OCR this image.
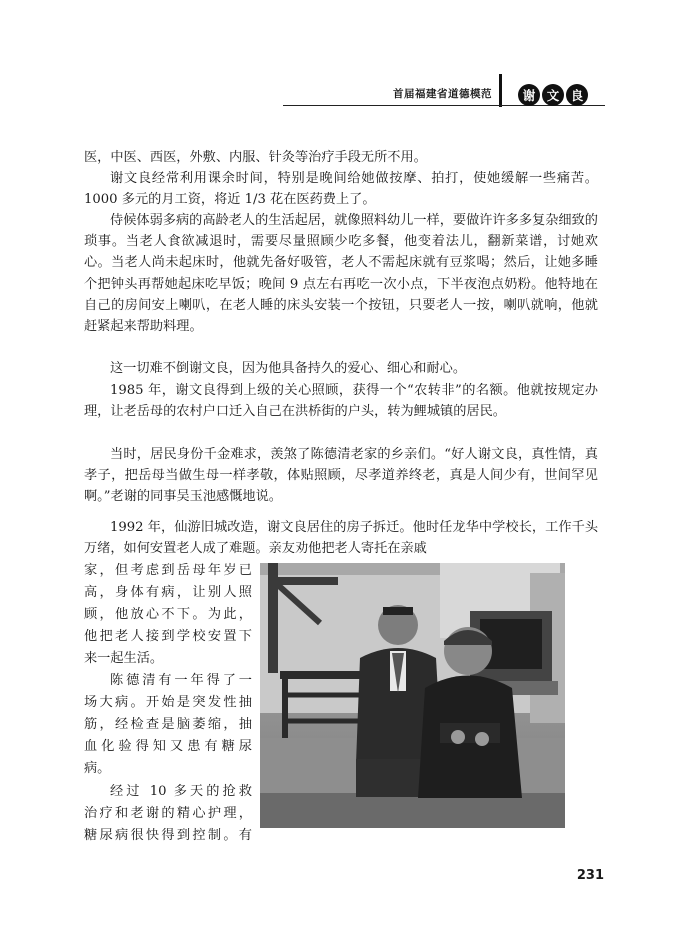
首届福建省道德模范	谢 文 良
医，中医、西医，外敷、内服、针灸等治疗手段无所不用。
谢文良经常利用课余时间，特别是晚间给她做按摩、拍打，使她缓解一些痛苦。1000 多元的月工资，将近 1/3 花在医药费上了。
侍候体弱多病的高龄老人的生活起居，就像照料幼儿一样，要做许许多多复杂细致的琐事。当老人食欲减退时，需要尽量照顾少吃多餐，他变着法儿，翻新菜谱，讨她欢心。当老人尚未起床时，他就先备好吸管，老人不需起床就有豆浆喝；然后，让她多睡个把钟头再帮她起床吃早饭；晚间 9 点左右再吃一次小点，下半夜泡点奶粉。他特地在自己的房间安上喇叭，在老人睡的床头安装一个按钮，只要老人一按，喇叭就响，他就赶紧起来帮助料理。
这一切难不倒谢文良，因为他具备持久的爱心、细心和耐心。
1985 年，谢文良得到上级的关心照顾，获得一个“农转非”的名额。他就按规定办理，让老岳母的农村户口迁入自己在洪桥街的户头，转为鲤城镇的居民。
当时，居民身份千金难求，羡煞了陈德清老家的乡亲们。“好人谢文良，真性情，真孝子，把岳母当做生母一样孝敬，体贴照顾，尽孝道养终老，真是人间少有，世间罕见啊。”老谢的同事吴玉池感慨地说。
1992 年，仙游旧城改造，谢文良居住的房子拆迁。他时任龙华中学校长，工作千头万绪，如何安置老人成了难题。亲友劝他把老人寄托在亲戚
家，但考虑到岳母年岁已
高，身体有病，让别人照
顾，他放心不下。为此，
他把老人接到学校安置下
来一起生活。
陈德清有一年得了一
场大病。开始是突发性抽
筋，经检查是脑萎缩，抽
血化验得知又患有糖尿
病。
经过 10 多天的抢救
治疗和老谢的精心护理，
糖尿病很快得到控制。有
231
